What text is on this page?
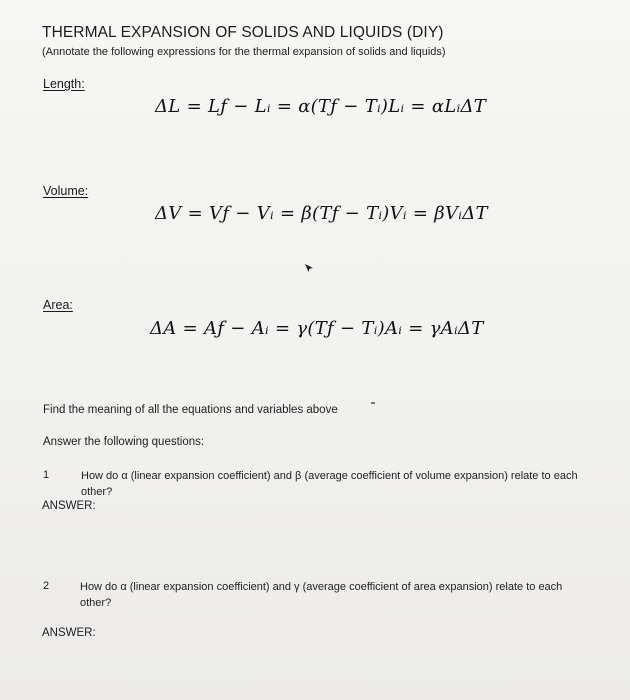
THERMAL EXPANSION OF SOLIDS AND LIQUIDS (DIY)
(Annotate the following expressions for the thermal expansion of solids and liquids)
Length:
ΔL = Lƒ − Lᵢ = α(Tƒ − Tᵢ)Lᵢ = αLᵢΔT
Volume:
ΔV = Vƒ − Vᵢ = β(Tƒ − Tᵢ)Vᵢ = βVᵢΔT
Area:
ΔA = Aƒ − Aᵢ = γ(Tƒ − Tᵢ)Aᵢ = γAᵢΔT
Find the meaning of all the equations and variables above
Answer the following questions:
1	How do α (linear expansion coefficient) and β (average coefficient of volume expansion) relate to each other?
ANSWER:
2	How do α (linear expansion coefficient) and γ (average coefficient of area expansion) relate to each other?
ANSWER:
